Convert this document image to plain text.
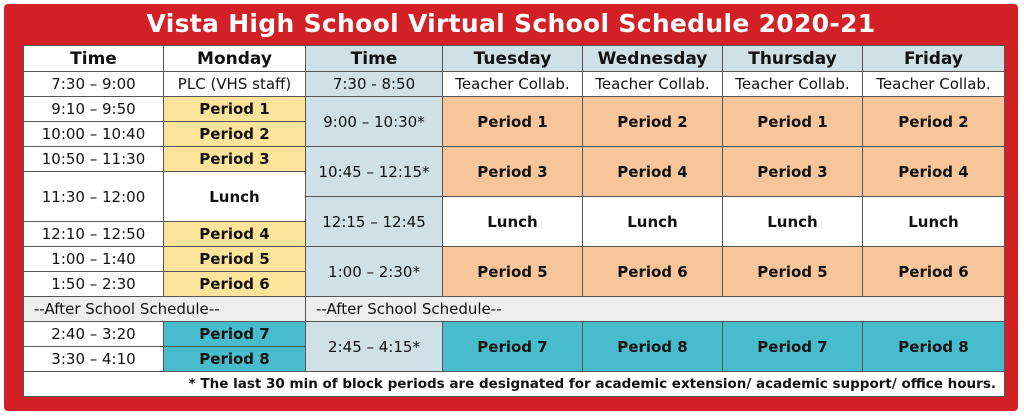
Vista High School Virtual School Schedule 2020-21
Time	Monday	Time	Tuesday	Wednesday	Thursday	Friday
7:30 – 9:00	PLC (VHS staff)	7:30 - 8:50	Teacher Collab.	Teacher Collab.	Teacher Collab.	Teacher Collab.
9:10 – 9:50	Period 1	9:00 – 10:30*	Period 1	Period 2	Period 1	Period 2
10:00 – 10:40	Period 2					
10:50 – 11:30	Period 3	10:45 – 12:15*	Period 3	Period 4	Period 3	Period 4
11:30 – 12:00	Lunch					
		12:15 – 12:45	Lunch	Lunch	Lunch	Lunch
12:10 – 12:50	Period 4					
1:00 – 1:40	Period 5	1:00 – 2:30*	Period 5	Period 6	Period 5	Period 6
1:50 – 2:30	Period 6					
--After School Schedule--		--After School Schedule--				
2:40 – 3:20	Period 7	2:45 – 4:15*	Period 7	Period 8	Period 7	Period 8
3:30 – 4:10	Period 8					
* The last 30 min of block periods are designated for academic extension/ academic support/ office hours.						
